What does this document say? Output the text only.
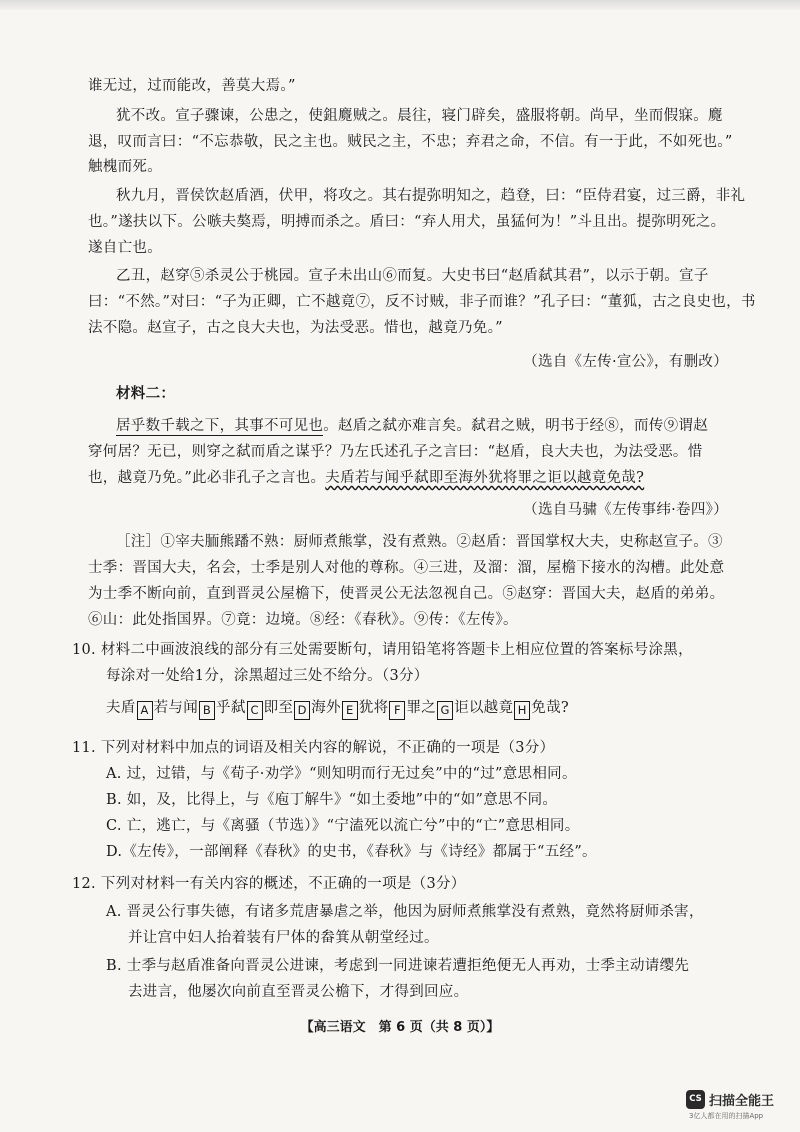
谁无过，过而能改，善莫大焉。”
犹不改。宣子骤谏，公患之，使鉏麑贼之。晨往，寝门辟矣，盛服将朝。尚早，坐而假寐。麑
退，叹而言曰：“不忘恭敬，民之主也。贼民之主，不忠；弃君之命，不信。有一于此，不如死也。”
触槐而死。
秋九月，晋侯饮赵盾酒，伏甲，将攻之。其右提弥明知之，趋登，曰：“臣侍君宴，过三爵，非礼
也。”遂扶以下。公嗾夫獒焉，明搏而杀之。盾曰：“弃人用犬，虽猛何为！”斗且出。提弥明死之。
遂自亡也。
乙丑，赵穿⑤杀灵公于桃园。宣子未出山⑥而复。大史书曰“赵盾弑其君”，以示于朝。宣子
曰：“不然。”对曰：“子为正卿，亡不越竟⑦，反不讨贼，非子而谁？”孔子曰：“董狐，古之良史也，书
法不隐。赵宣子，古之良大夫也，为法受恶。惜也，越竟乃免。”
（选自《左传·宣公》，有删改）
材料二：
居乎数千载之下，其事不可见也。赵盾之弑亦难言矣。弑君之贼，明书于经⑧，而传⑨谓赵
穿何居？无已，则穿之弑而盾之谋乎？乃左氏述孔子之言曰：“赵盾，良大夫也，为法受恶。惜
也，越竟乃免。”此必非孔子之言也。夫盾若与闻乎弑即至海外犹将罪之讵以越竟免哉?
（选自马骕《左传事纬·卷四》）
［注］①宰夫胹熊蹯不熟：厨师煮熊掌，没有煮熟。②赵盾：晋国掌权大夫，史称赵宣子。③
士季：晋国大夫，名会，士季是别人对他的尊称。④三进，及溜：溜，屋檐下接水的沟槽。此处意
为士季不断向前，直到晋灵公屋檐下，使晋灵公无法忽视自己。⑤赵穿：晋国大夫，赵盾的弟弟。
⑥山：此处指国界。⑦竟：边境。⑧经：《春秋》。⑨传：《左传》。
10. 材料二中画波浪线的部分有三处需要断句，请用铅笔将答题卡上相应位置的答案标号涂黑，
每涂对一处给1分，涂黑超过三处不给分。（3分）
夫盾 A 若与闻 B 乎弑 C 即至 D 海外 E 犹将 F 罪之 G 讵以越竟 H 免哉?
11. 下列对材料中加点的词语及相关内容的解说，不正确的一项是（3分）
A. 过，过错，与《荀子·劝学》“则知明而行无过矣”中的“过”意思相同。
B. 如，及，比得上，与《庖丁解牛》“如土委地”中的“如”意思不同。
C. 亡，逃亡，与《离骚（节选）》“宁溘死以流亡兮”中的“亡”意思相同。
D.《左传》，一部阐释《春秋》的史书，《春秋》与《诗经》都属于“五经”。
12. 下列对材料一有关内容的概述，不正确的一项是（3分）
A. 晋灵公行事失德，有诸多荒唐暴虐之举，他因为厨师煮熊掌没有煮熟，竟然将厨师杀害，
并让宫中妇人抬着装有尸体的畚箕从朝堂经过。
B. 士季与赵盾准备向晋灵公进谏，考虑到一同进谏若遭拒绝便无人再劝，士季主动请缨先
去进言，他屡次向前直至晋灵公檐下，才得到回应。
【高三语文　第 6 页（共 8 页）】
CS 扫描全能王
3亿人都在用的扫描App
